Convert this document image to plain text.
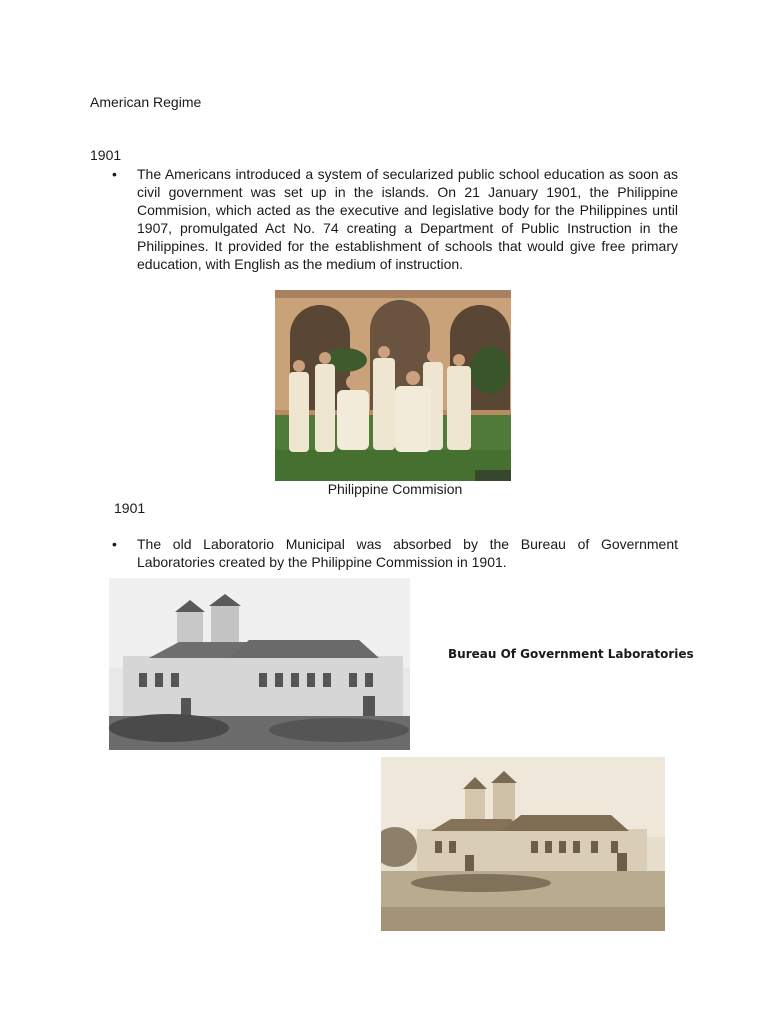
American Regime
1901
•	The Americans introduced a system of secularized public school education as soon as civil government was set up in the islands. On 21 January 1901, the Philippine Commision, which acted as the executive and legislative body for the Philippines until 1907, promulgated Act No. 74 creating a Department of Public Instruction in the Philippines. It provided for the establishment of schools that would give free primary education, with English as the medium of instruction.
Philippine Commision
1901
•	The old Laboratorio Municipal was absorbed by the Bureau of Government Laboratories created by the Philippine Commission in 1901.
Bureau Of Government Laboratories
